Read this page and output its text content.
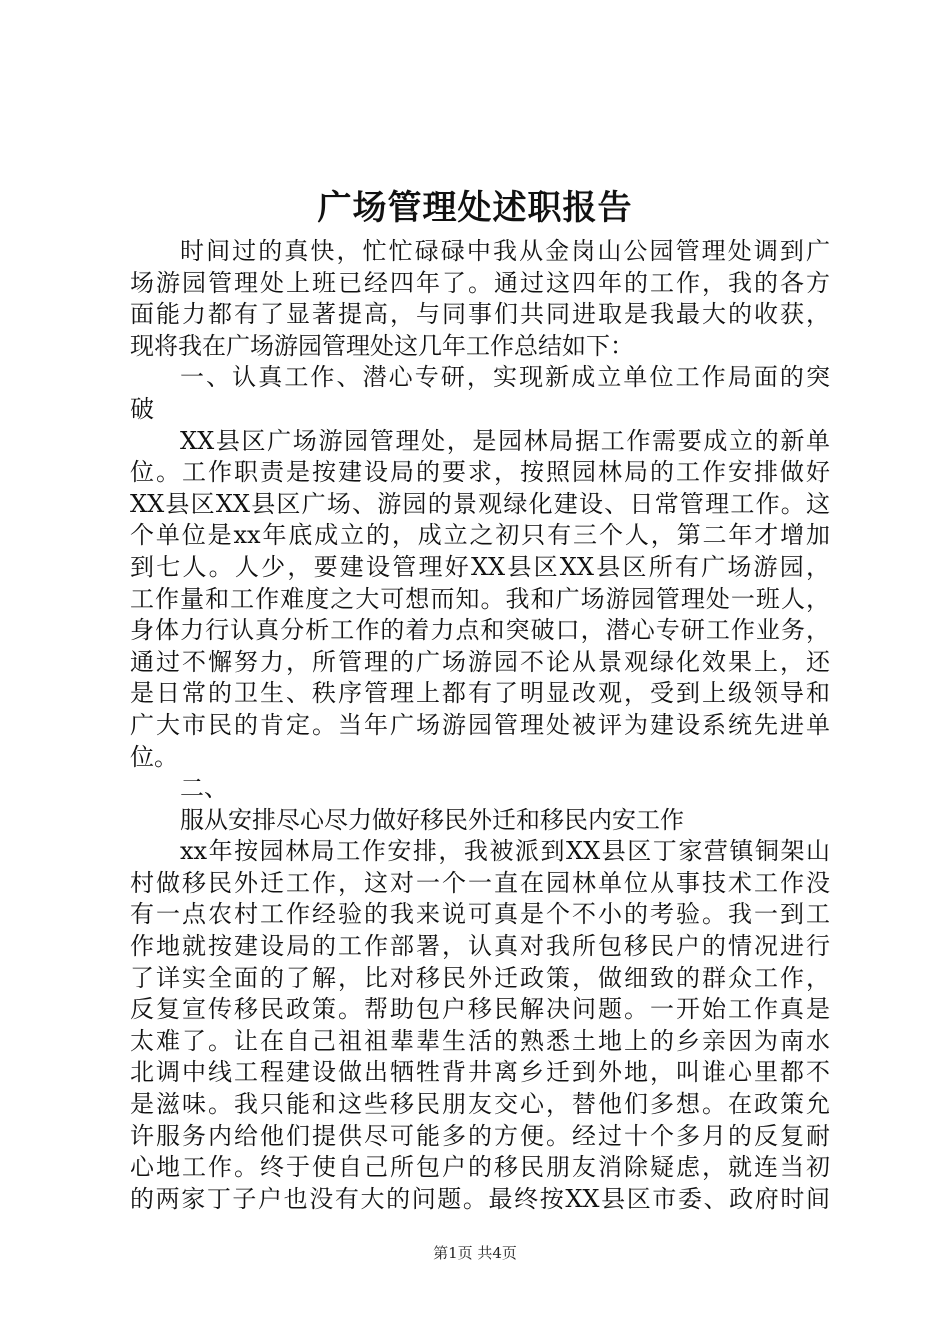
广场管理处述职报告
时间过的真快，忙忙碌碌中我从金岗山公园管理处调到广
场游园管理处上班已经四年了。通过这四年的工作，我的各方
面能力都有了显著提高，与同事们共同进取是我最大的收获，
现将我在广场游园管理处这几年工作总结如下：
一、认真工作、潜心专研，实现新成立单位工作局面的突
破
XX县区广场游园管理处，是园林局据工作需要成立的新单
位。工作职责是按建设局的要求，按照园林局的工作安排做好
XX县区XX县区广场、游园的景观绿化建设、日常管理工作。这
个单位是xx年底成立的，成立之初只有三个人，第二年才增加
到七人。人少，要建设管理好XX县区XX县区所有广场游园，
工作量和工作难度之大可想而知。我和广场游园管理处一班人，
身体力行认真分析工作的着力点和突破口，潜心专研工作业务，
通过不懈努力，所管理的广场游园不论从景观绿化效果上，还
是日常的卫生、秩序管理上都有了明显改观，受到上级领导和
广大市民的肯定。当年广场游园管理处被评为建设系统先进单
位。
二、
服从安排尽心尽力做好移民外迁和移民内安工作
xx年按园林局工作安排，我被派到XX县区丁家营镇铜架山
村做移民外迁工作，这对一个一直在园林单位从事技术工作没
有一点农村工作经验的我来说可真是个不小的考验。我一到工
作地就按建设局的工作部署，认真对我所包移民户的情况进行
了详实全面的了解，比对移民外迁政策，做细致的群众工作，
反复宣传移民政策。帮助包户移民解决问题。一开始工作真是
太难了。让在自己祖祖辈辈生活的熟悉土地上的乡亲因为南水
北调中线工程建设做出牺牲背井离乡迁到外地，叫谁心里都不
是滋味。我只能和这些移民朋友交心，替他们多想。在政策允
许服务内给他们提供尽可能多的方便。经过十个多月的反复耐
心地工作。终于使自己所包户的移民朋友消除疑虑，就连当初
的两家丁子户也没有大的问题。最终按XX县区市委、政府时间
第1页 共4页
